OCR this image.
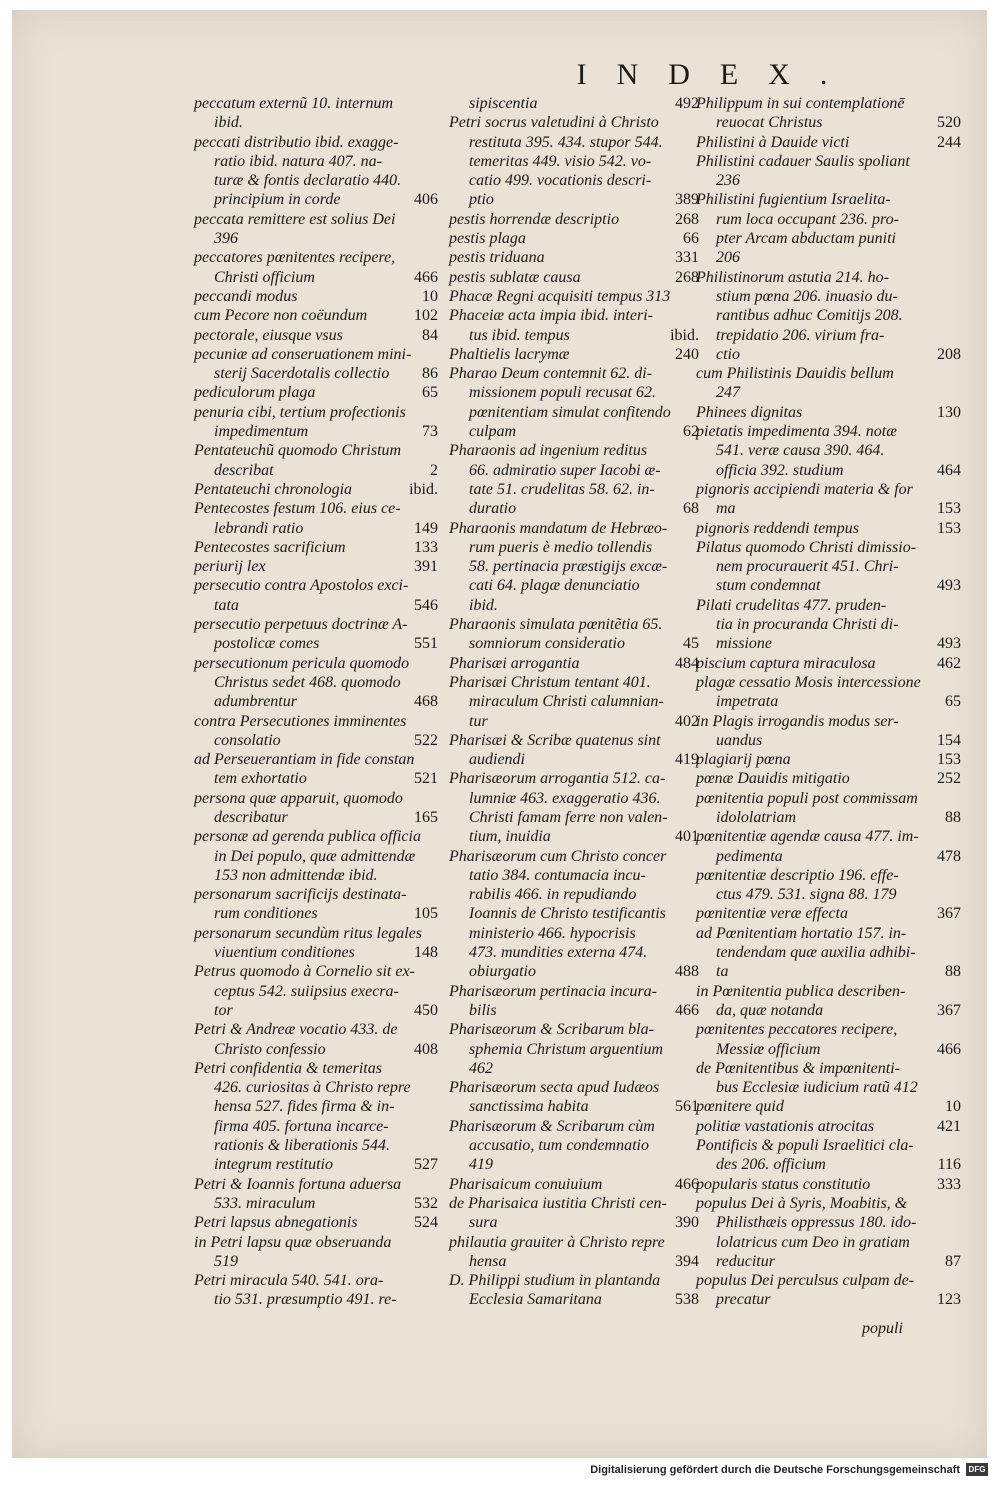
INDEX.

peccatum externũ 10. internum

ibid.

peccati distributio ibid. exagge-

ratio ibid. natura 407. na-

turæ & fontis declaratio 440.

406
principium in corde

peccata remittere est solius Dei

396

peccatores pœnitentes recipere,

466
Christi officium

10
peccandi modus

102
cum Pecore non coëundum

84
pectorale, eiusque vsus

pecuniæ ad conseruationem mini-

86
sterij Sacerdotalis collectio

65
pediculorum plaga

penuria cibi, tertium profectionis

73
impedimentum

Pentateuchũ quomodo Christum

2
describat

ibid.
Pentateuchi chronologia

Pentecostes festum 106. eius ce-

149
lebrandi ratio

133
Pentecostes sacrificium

391
periurij lex

persecutio contra Apostolos exci-

546
tata

persecutio perpetuus doctrinæ A-

551
postolicæ comes

persecutionum pericula quomodo

Christus sedet 468. quomodo

468
adumbrentur

contra Persecutiones imminentes

522
consolatio

ad Perseuerantiam in fide constan

521
tem exhortatio

persona quæ apparuit, quomodo

165
describatur

personæ ad gerenda publica officia

in Dei populo, quæ admittendæ

153 non admittendæ ibid.

personarum sacrificijs destinata-

105
rum conditiones

personarum secundùm ritus legales

148
viuentium conditiones

Petrus quomodo à Cornelio sit ex-

ceptus 542. suiipsius execra-

450
tor

Petri & Andreæ vocatio 433. de

408
Christo confessio

Petri confidentia & temeritas

426. curiositas à Christo repre

hensa 527. fides firma & in-

firma 405. fortuna incarce-

rationis & liberationis 544.

527
integrum restitutio

Petri & Ioannis fortuna aduersa

532
533. miraculum

524
Petri lapsus abnegationis

in Petri lapsu quæ obseruanda

519

Petri miracula 540. 541. ora-

tio 531. præsumptio 491. re-

492
sipiscentia

Petri socrus valetudini à Christo

restituta 395. 434. stupor 544.

temeritas 449. visio 542. vo-

catio 499. vocationis descri-

389
ptio

268
pestis horrendæ descriptio

66
pestis plaga

331
pestis triduana

268
pestis sublatæ causa

Phacæ Regni acquisiti tempus 313

Phaceiæ acta impia ibid. interi-

ibid.
tus ibid. tempus

240
Phaltielis lacrymæ

Pharao Deum contemnit 62. di-

missionem populi recusat 62.

pœnitentiam simulat confitendo

62
culpam

Pharaonis ad ingenium reditus

66. admiratio super Iacobi æ-

tate 51. crudelitas 58. 62. in-

68
duratio

Pharaonis mandatum de Hebræo-

rum pueris è medio tollendis

58. pertinacia præstigijs excæ-

cati 64. plagæ denunciatio

ibid.

Pharaonis simulata pœnitẽtia 65.

45
somniorum consideratio

484
Pharisæi arrogantia

Pharisæi Christum tentant 401.

miraculum Christi calumnian-

402
tur

Pharisæi & Scribæ quatenus sint

419
audiendi

Pharisæorum arrogantia 512. ca-

lumniæ 463. exaggeratio 436.

Christi famam ferre non valen-

401
tium, inuidia

Pharisæorum cum Christo concer

tatio 384. contumacia incu-

rabilis 466. in repudiando

Ioannis de Christo testificantis

ministerio 466. hypocrisis

473. mundities externa 474.

488
obiurgatio

Pharisæorum pertinacia incura-

466
bilis

Pharisæorum & Scribarum bla-

sphemia Christum arguentium

462

Pharisæorum secta apud Iudæos

561
sanctissima habita

Pharisæorum & Scribarum cùm

accusatio, tum condemnatio

419

466
Pharisaicum conuiuium

de Pharisaica iustitia Christi cen-

390
sura

philautia grauiter à Christo repre

394
hensa

D. Philippi studium in plantanda

538
Ecclesia Samaritana

Philippum in sui contemplationē

520
reuocat Christus

244
Philistini à Dauide victi

Philistini cadauer Saulis spoliant

236

Philistini fugientium Israelita-

rum loca occupant 236. pro-

pter Arcam abductam puniti

206

Philistinorum astutia 214. ho-

stium pœna 206. inuasio du-

rantibus adhuc Comitijs 208.

trepidatio 206. virium fra-

208
ctio

cum Philistinis Dauidis bellum

247

130
Phinees dignitas

pietatis impedimenta 394. notæ

541. veræ causa 390. 464.

464
officia 392. studium

pignoris accipiendi materia & for

153
ma

153
pignoris reddendi tempus

Pilatus quomodo Christi dimissio-

nem procurauerit 451. Chri-

493
stum condemnat

Pilati crudelitas 477. pruden-

tia in procuranda Christi di-

493
missione

462
piscium captura miraculosa

plagæ cessatio Mosis intercessione

65
impetrata

in Plagis irrogandis modus ser-

154
uandus

153
plagiarij pœna

252
pœnæ Dauidis mitigatio

pœnitentia populi post commissam

88
idololatriam

pœnitentiæ agendæ causa 477. im-

478
pedimenta

pœnitentiæ descriptio 196. effe-

ctus 479. 531. signa 88. 179

367
pœnitentiæ veræ effecta

ad Pœnitentiam hortatio 157. in-

tendendam quæ auxilia adhibi-

88
ta

in Pœnitentia publica describen-

367
da, quæ notanda

pœnitentes peccatores recipere,

466
Messiæ officium

de Pœnitentibus & impœnitenti-

bus Ecclesiæ iudicium ratũ 412

10
pœnitere quid

421
politiæ vastationis atrocitas

Pontificis & populi Israelitici cla-

116
des 206. officium

333
popularis status constitutio

populus Dei à Syris, Moabitis, &

Philisthæis oppressus 180. ido-

lolatricus cum Deo in gratiam

87
reducitur

populus Dei perculsus culpam de-

123
precatur

populi
Digitalisierung gefördert durch die Deutsche Forschungsgemeinschaft	DFG
